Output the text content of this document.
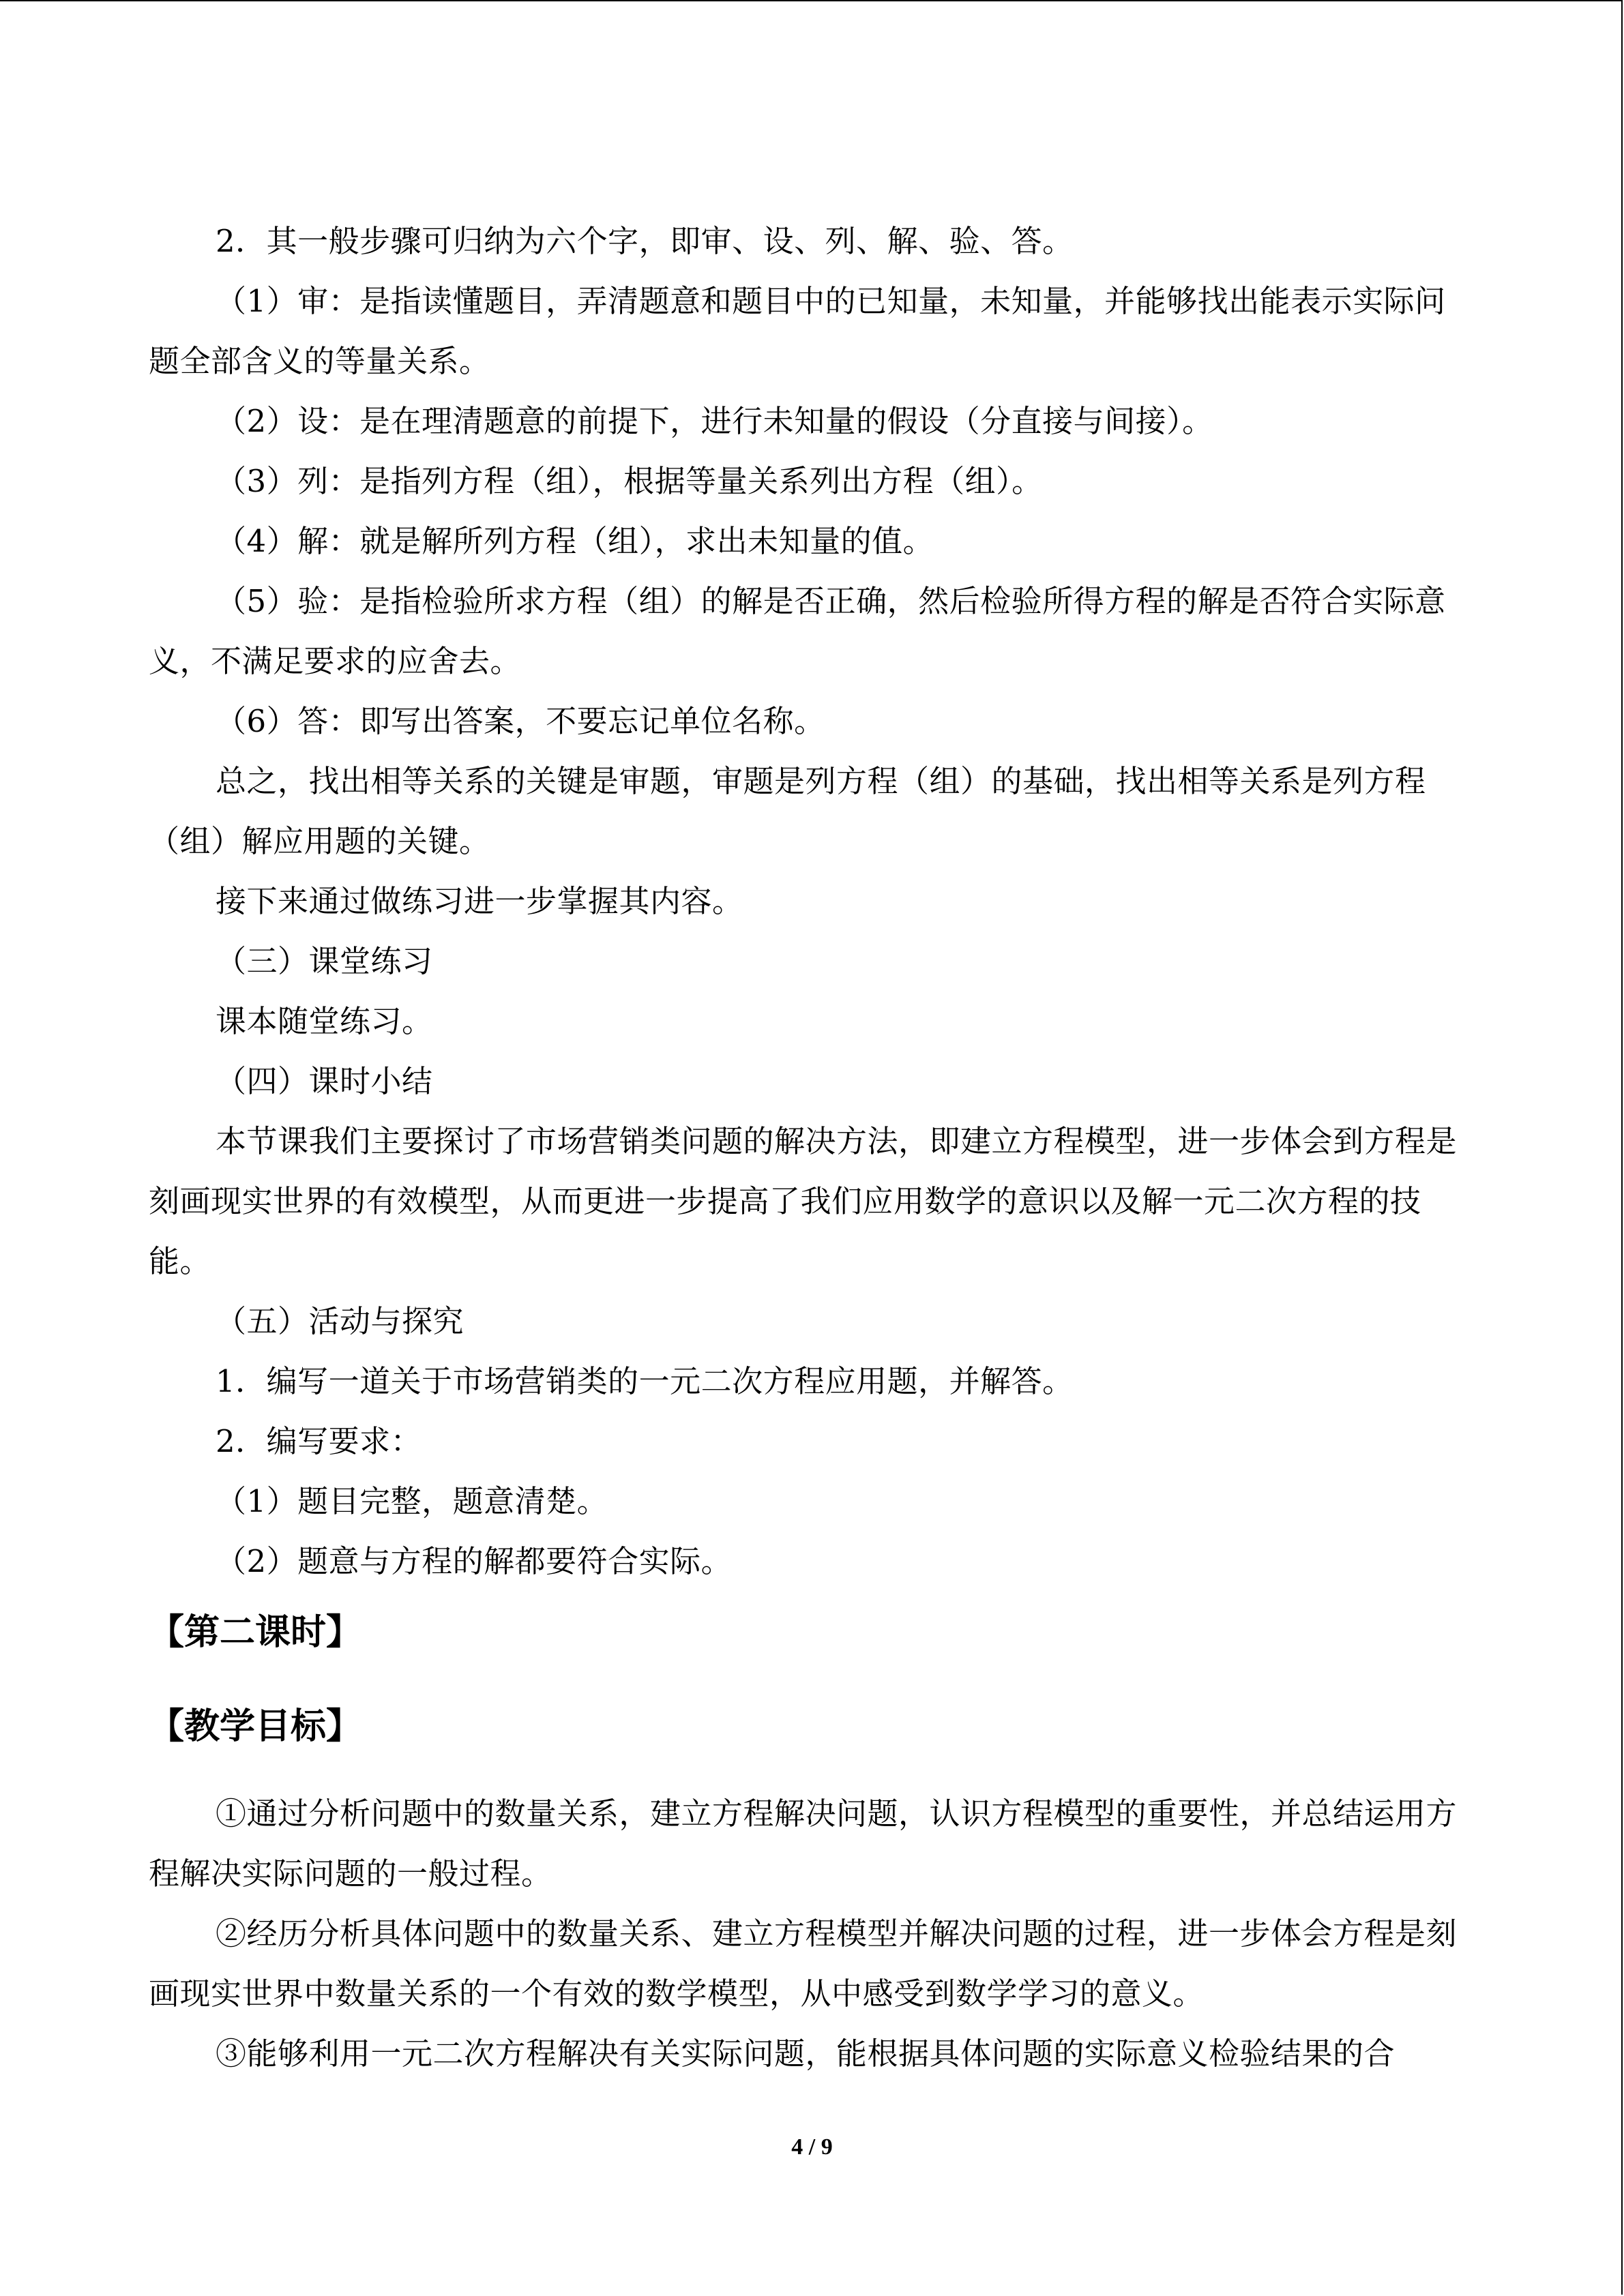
2．其一般步骤可归纳为六个字，即审、设、列、解、验、答。

（1）审：是指读懂题目，弄清题意和题目中的已知量，未知量，并能够找出能表示实际问题全部含义的等量关系。

（2）设：是在理清题意的前提下，进行未知量的假设（分直接与间接）。

（3）列：是指列方程（组），根据等量关系列出方程（组）。

（4）解：就是解所列方程（组），求出未知量的值。

（5）验：是指检验所求方程（组）的解是否正确，然后检验所得方程的解是否符合实际意义，不满足要求的应舍去。

（6）答：即写出答案，不要忘记单位名称。

总之，找出相等关系的关键是审题，审题是列方程（组）的基础，找出相等关系是列方程（组）解应用题的关键。

接下来通过做练习进一步掌握其内容。

（三）课堂练习

课本随堂练习。

（四）课时小结

本节课我们主要探讨了市场营销类问题的解决方法，即建立方程模型，进一步体会到方程是刻画现实世界的有效模型，从而更进一步提高了我们应用数学的意识以及解一元二次方程的技能。

（五）活动与探究

1．编写一道关于市场营销类的一元二次方程应用题，并解答。

2．编写要求：

（1）题目完整，题意清楚。

（2）题意与方程的解都要符合实际。

【第二课时】
【教学目标】

①通过分析问题中的数量关系，建立方程解决问题，认识方程模型的重要性，并总结运用方程解决实际问题的一般过程。

②经历分析具体问题中的数量关系、建立方程模型并解决问题的过程，进一步体会方程是刻画现实世界中数量关系的一个有效的数学模型，从中感受到数学学习的意义。

③能够利用一元二次方程解决有关实际问题，能根据具体问题的实际意义检验结果的合

4 / 9
